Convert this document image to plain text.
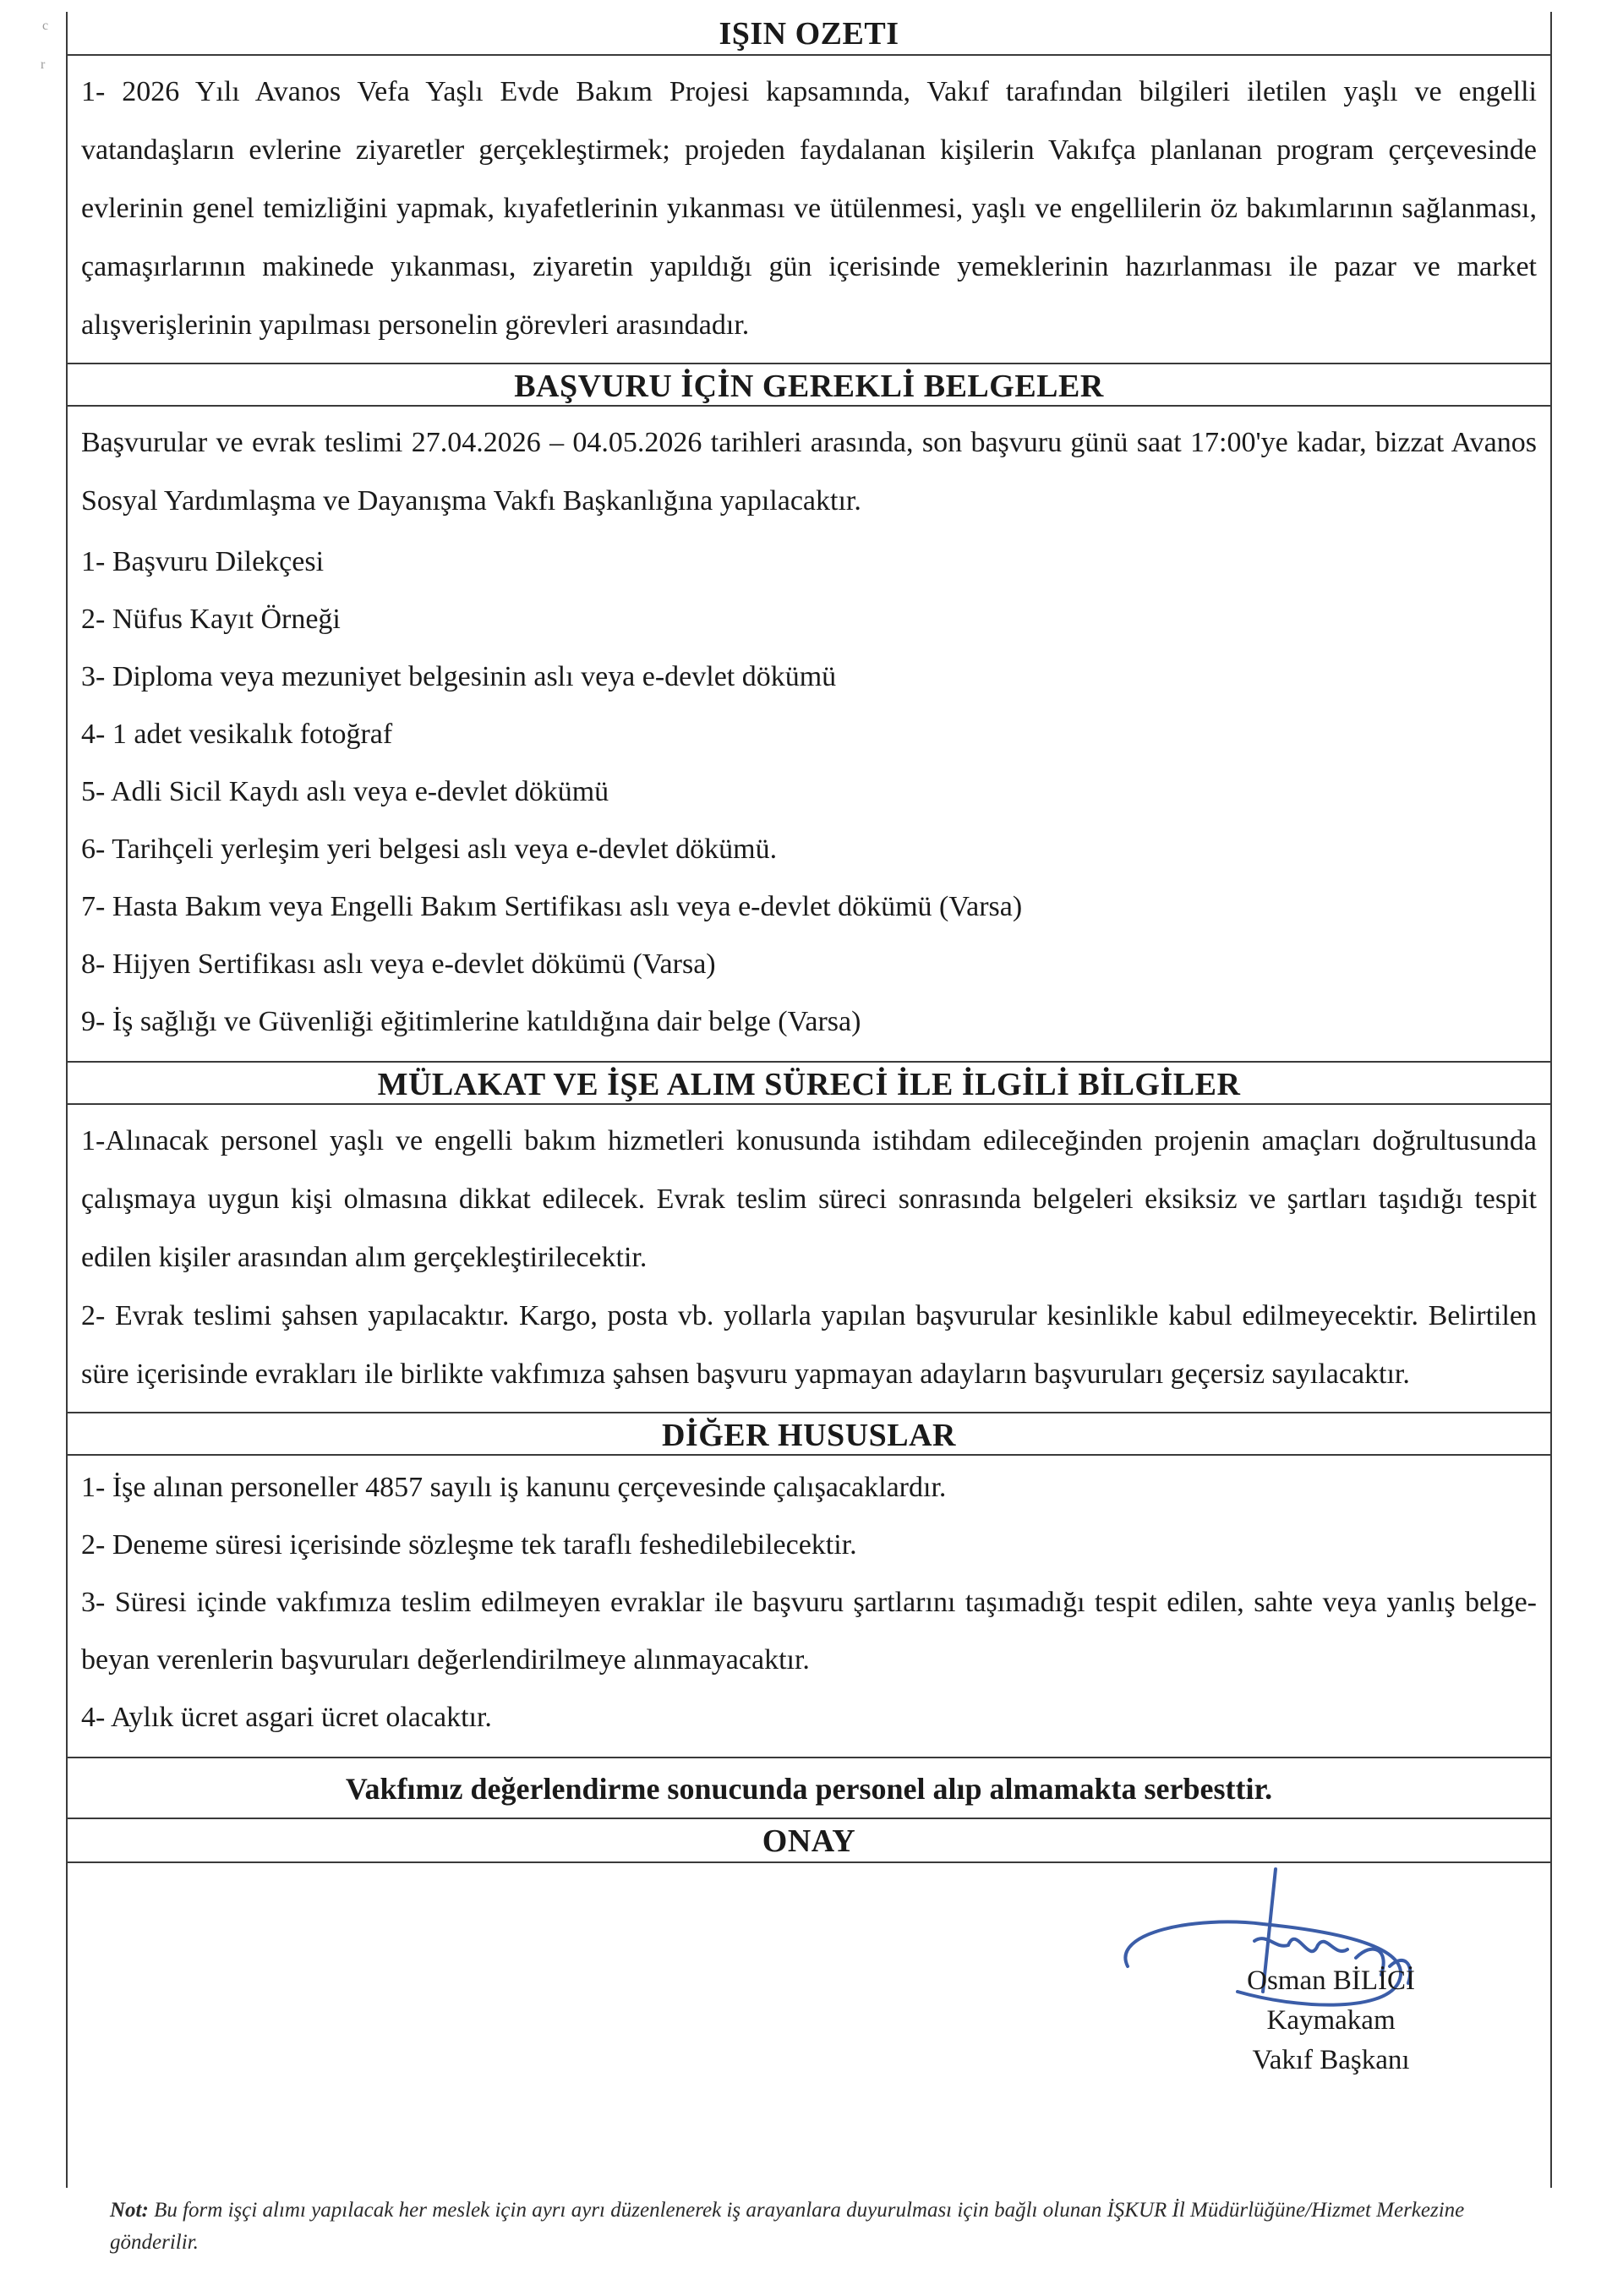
c
r
IŞIN OZETI

1- 2026 Yılı Avanos Vefa Yaşlı Evde Bakım Projesi kapsamında, Vakıf tarafından bilgileri iletilen yaşlı ve engelli vatandaşların evlerine ziyaretler gerçekleştirmek; projeden faydalanan kişilerin Vakıfça planlanan program çerçevesinde evlerinin genel temizliğini yapmak, kıyafetlerinin yıkanması ve ütülenmesi, yaşlı ve engellilerin öz bakımlarının sağlanması, çamaşırlarının makinede yıkanması, ziyaretin yapıldığı gün içerisinde yemeklerinin hazırlanması ile pazar ve market alışverişlerinin yapılması personelin görevleri arasındadır.

BAŞVURU İÇİN GEREKLİ BELGELER

Başvurular ve evrak teslimi 27.04.2026 – 04.05.2026 tarihleri arasında, son başvuru günü saat 17:00'ye kadar, bizzat Avanos Sosyal Yardımlaşma ve Dayanışma Vakfı Başkanlığına yapılacaktır.

1- Başvuru Dilekçesi
2- Nüfus Kayıt Örneği
3- Diploma veya mezuniyet belgesinin aslı veya e-devlet dökümü
4- 1 adet vesikalık fotoğraf
5- Adli Sicil Kaydı aslı veya e-devlet dökümü
6- Tarihçeli yerleşim yeri belgesi aslı veya e-devlet dökümü.
7- Hasta Bakım veya Engelli Bakım Sertifikası aslı veya e-devlet dökümü (Varsa)
8- Hijyen Sertifikası aslı veya e-devlet dökümü (Varsa)
9- İş sağlığı ve Güvenliği eğitimlerine katıldığına dair belge (Varsa)
MÜLAKAT VE İŞE ALIM SÜRECİ İLE İLGİLİ BİLGİLER

1-Alınacak personel yaşlı ve engelli bakım hizmetleri konusunda istihdam edileceğinden projenin amaçları doğrultusunda çalışmaya uygun kişi olmasına dikkat edilecek. Evrak teslim süreci sonrasında belgeleri eksiksiz ve şartları taşıdığı tespit edilen kişiler arasından alım gerçekleştirilecektir.

2- Evrak teslimi şahsen yapılacaktır. Kargo, posta vb. yollarla yapılan başvurular kesinlikle kabul edilmeyecektir. Belirtilen süre içerisinde evrakları ile birlikte vakfımıza şahsen başvuru yapmayan adayların başvuruları geçersiz sayılacaktır.

DİĞER HUSUSLAR
1- İşe alınan personeller 4857 sayılı iş kanunu çerçevesinde çalışacaklardır.
2- Deneme süresi içerisinde sözleşme tek taraflı feshedilebilecektir.
3- Süresi içinde vakfımıza teslim edilmeyen evraklar ile başvuru şartlarını taşımadığı tespit edilen, sahte veya yanlış belge-beyan verenlerin başvuruları değerlendirilmeye alınmayacaktır.
4- Aylık ücret asgari ücret olacaktır.
Vakfımız değerlendirme sonucunda personel alıp almamakta serbesttir.
ONAY
Osman BİLİCİ
Kaymakam
Vakıf Başkanı
Not: Bu form işçi alımı yapılacak her meslek için ayrı ayrı düzenlenerek iş arayanlara duyurulması için bağlı olunan İŞKUR İl Müdürlüğüne/Hizmet Merkezine gönderilir.
